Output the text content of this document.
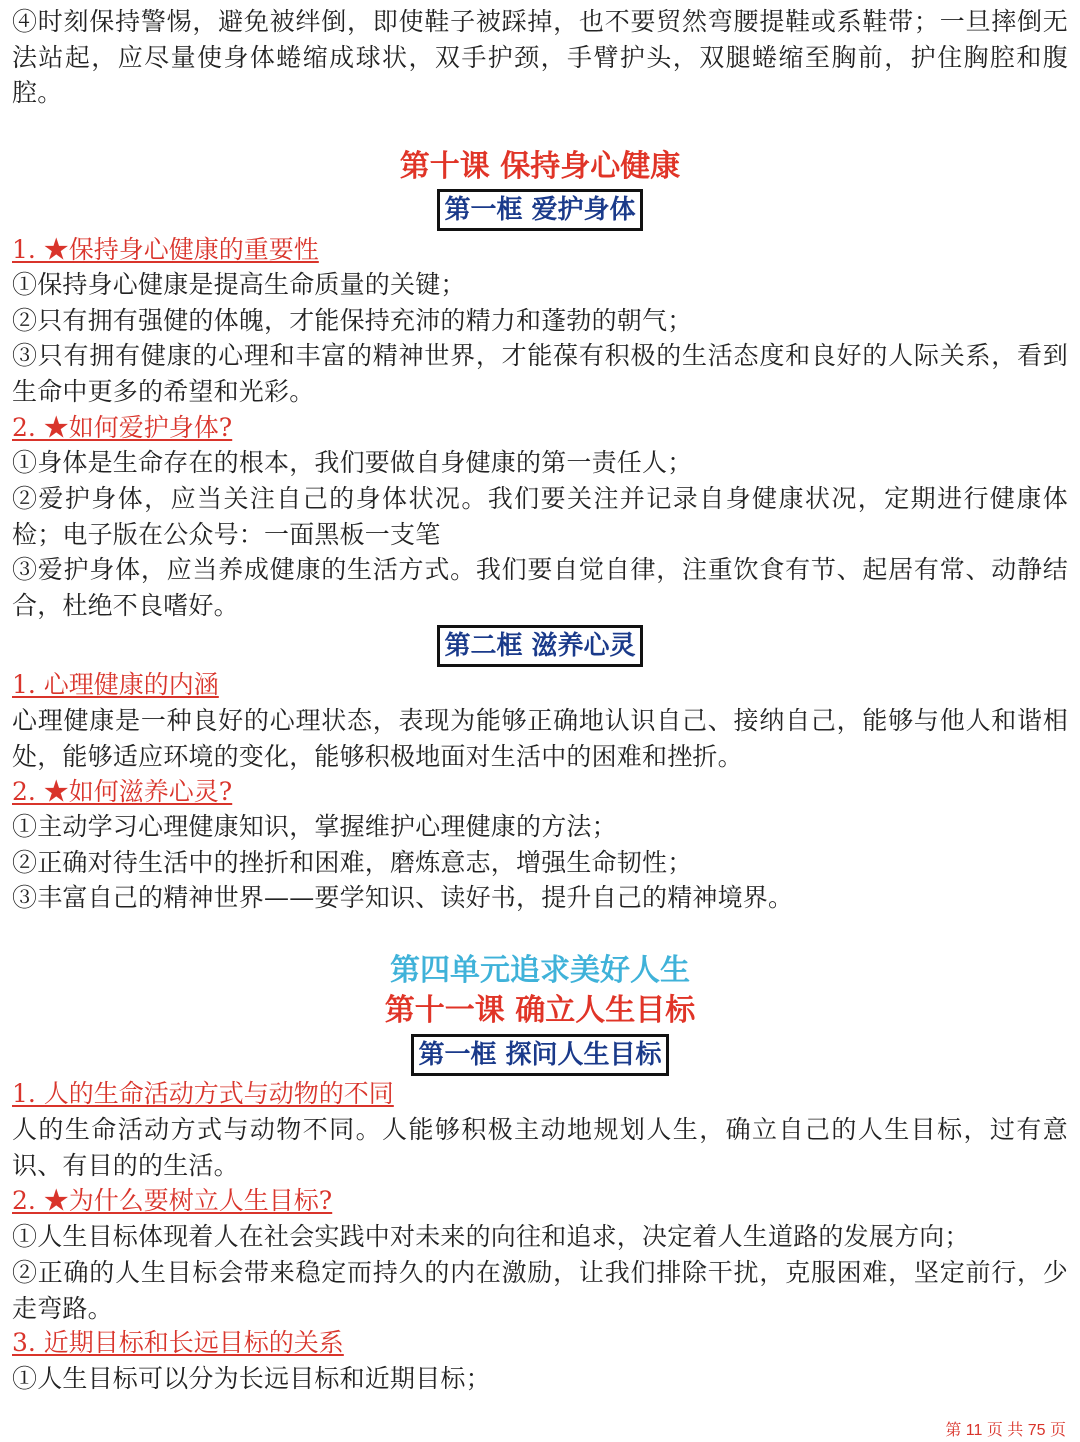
④时刻保持警惕，避免被绊倒，即使鞋子被踩掉，也不要贸然弯腰提鞋或系鞋带；一旦摔倒无法站起，应尽量使身体蜷缩成球状，双手护颈，手臂护头，双腿蜷缩至胸前，护住胸腔和腹腔。

第十课 保持身心健康

第一框 爱护身体

1. ★保持身心健康的重要性

①保持身心健康是提高生命质量的关键；

②只有拥有强健的体魄，才能保持充沛的精力和蓬勃的朝气；

③只有拥有健康的心理和丰富的精神世界，才能葆有积极的生活态度和良好的人际关系，看到生命中更多的希望和光彩。

2. ★如何爱护身体?

①身体是生命存在的根本，我们要做自身健康的第一责任人；

②爱护身体，应当关注自己的身体状况。我们要关注并记录自身健康状况，定期进行健康体检；电子版在公众号：一面黑板一支笔

③爱护身体，应当养成健康的生活方式。我们要自觉自律，注重饮食有节、起居有常、动静结合，杜绝不良嗜好。

第二框 滋养心灵

1. 心理健康的内涵

心理健康是一种良好的心理状态，表现为能够正确地认识自己、接纳自己，能够与他人和谐相处，能够适应环境的变化，能够积极地面对生活中的困难和挫折。

2. ★如何滋养心灵?

①主动学习心理健康知识，掌握维护心理健康的方法；

②正确对待生活中的挫折和困难，磨炼意志，增强生命韧性；

③丰富自己的精神世界——要学知识、读好书，提升自己的精神境界。

第四单元追求美好人生

第十一课 确立人生目标

第一框 探问人生目标

1. 人的生命活动方式与动物的不同

人的生命活动方式与动物不同。人能够积极主动地规划人生，确立自己的人生目标，过有意识、有目的的生活。

2. ★为什么要树立人生目标?

①人生目标体现着人在社会实践中对未来的向往和追求，决定着人生道路的发展方向；

②正确的人生目标会带来稳定而持久的内在激励，让我们排除干扰，克服困难，坚定前行，少走弯路。

3. 近期目标和长远目标的关系

①人生目标可以分为长远目标和近期目标；

第 11 页 共 75 页
